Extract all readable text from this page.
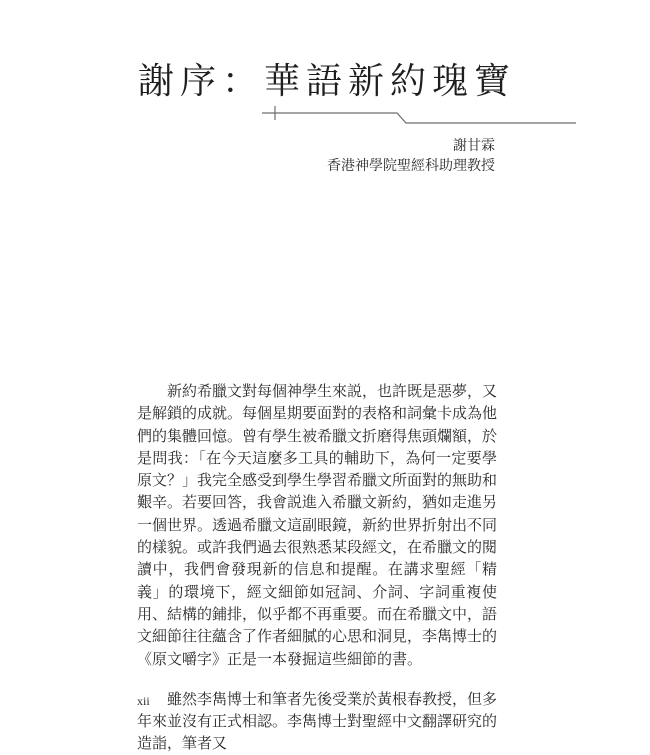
謝序：華語新約瑰寶
謝甘霖
香港神學院聖經科助理教授

新約希臘文對每個神學生來説，也許既是惡夢，又是解鎖的成就。每個星期要面對的表格和詞彙卡成為他們的集體回憶。曾有學生被希臘文折磨得焦頭爛額，於是問我：「在今天這麼多工具的輔助下，為何一定要學原文？」我完全感受到學生學習希臘文所面對的無助和艱辛。若要回答，我會説進入希臘文新約，猶如走進另一個世界。透過希臘文這副眼鏡，新約世界折射出不同的樣貌。或許我們過去很熟悉某段經文，在希臘文的閱讀中，我們會發現新的信息和提醒。在講求聖經「精義」的環境下，經文細節如冠詞、介詞、字詞重複使用、結構的鋪排，似乎都不再重要。而在希臘文中，語文細節往往蘊含了作者細膩的心思和洞見，李雋博士的《原文嚼字》正是一本發掘這些細節的書。

雖然李雋博士和筆者先後受業於黃根春教授，但多年來並沒有正式相認。李雋博士對聖經中文翻譯研究的造詣，筆者又

xii
